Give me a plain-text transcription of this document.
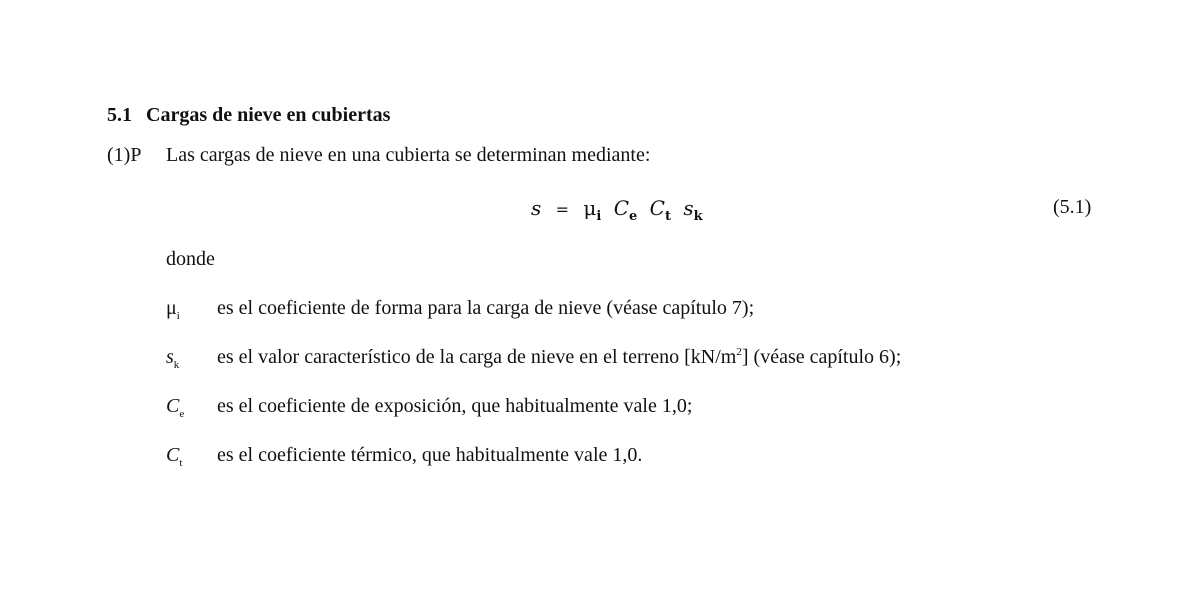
5.1 Cargas de nieve en cubiertas
(1)P Las cargas de nieve en una cubierta se determinan mediante:
$s = \mu_i$ $C_e$ $C_t$ $s_k$	(5.1)
donde
$\mu_i$ es el coeficiente de forma para la carga de nieve (véase capítulo 7);
$s_k$ es el valor característico de la carga de nieve en el terreno $[kN/m^2]$ (véase capítulo 6);
$C_e$ es el coeficiente de exposición, que habitualmente vale 1,0;
$C_t$ es el coeficiente térmico, que habitualmente vale 1,0.
